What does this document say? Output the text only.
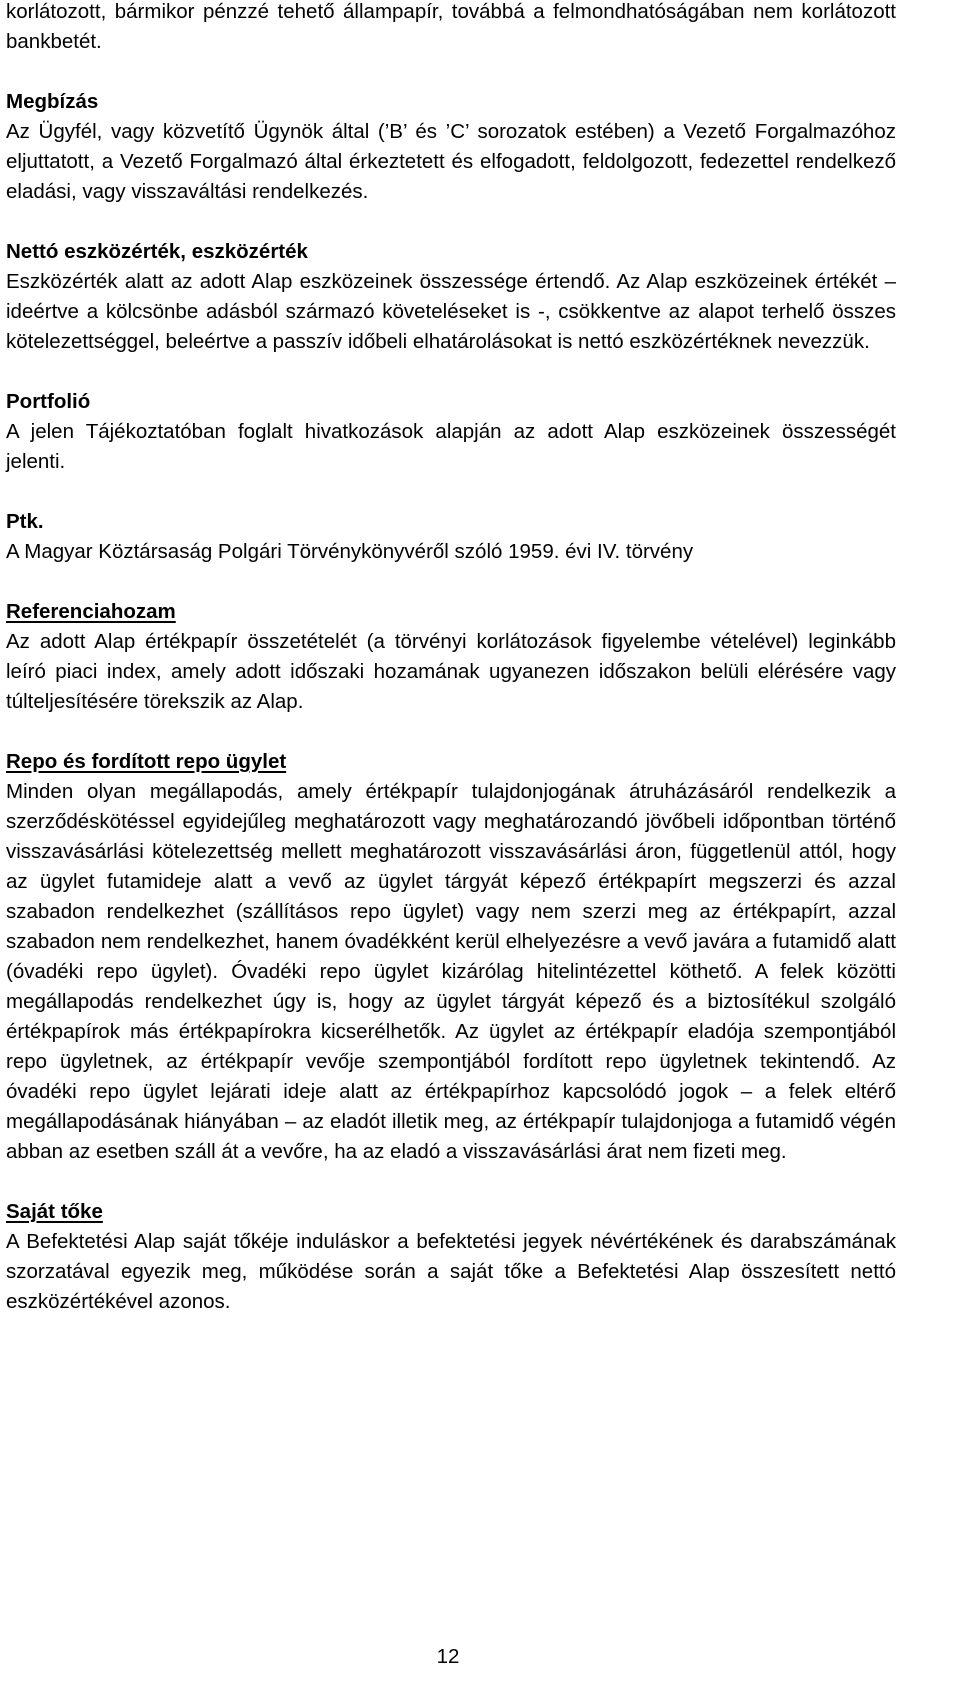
korlátozott, bármikor pénzzé tehető állampapír, továbbá a felmondhatóságában nem korlátozott bankbetét.

Megbízás

Az Ügyfél, vagy közvetítő Ügynök által (’B’ és ’C’ sorozatok estében) a Vezető Forgalmazóhoz eljuttatott, a Vezető Forgalmazó által érkeztetett és elfogadott, feldolgozott, fedezettel rendelkező eladási, vagy visszaváltási rendelkezés.

Nettó eszközérték, eszközérték

Eszközérték alatt az adott Alap eszközeinek összessége értendő. Az Alap eszközeinek értékét – ideértve a kölcsönbe adásból származó követeléseket is -, csökkentve az alapot terhelő összes kötelezettséggel, beleértve a passzív időbeli elhatárolásokat is nettó eszközértéknek nevezzük.

Portfolió

A jelen Tájékoztatóban foglalt hivatkozások alapján az adott Alap eszközeinek összességét jelenti.

Ptk.

A Magyar Köztársaság Polgári Törvénykönyvéről szóló 1959. évi IV. törvény

Referenciahozam

Az adott Alap értékpapír összetételét (a törvényi korlátozások figyelembe vételével) leginkább leíró piaci index, amely adott időszaki hozamának ugyanezen időszakon belüli elérésére vagy túlteljesítésére törekszik az Alap.

Repo és fordított repo ügylet

Minden olyan megállapodás, amely értékpapír tulajdonjogának átruházásáról rendelkezik a szerződéskötéssel egyidejűleg meghatározott vagy meghatározandó jövőbeli időpontban történő visszavásárlási kötelezettség mellett meghatározott visszavásárlási áron, függetlenül attól, hogy az ügylet futamideje alatt a vevő az ügylet tárgyát képező értékpapírt megszerzi és azzal szabadon rendelkezhet (szállításos repo ügylet) vagy nem szerzi meg az értékpapírt, azzal szabadon nem rendelkezhet, hanem óvadékként kerül elhelyezésre a vevő javára a futamidő alatt (óvadéki repo ügylet). Óvadéki repo ügylet kizárólag hitelintézettel köthető. A felek közötti megállapodás rendelkezhet úgy is, hogy az ügylet tárgyát képező és a biztosítékul szolgáló értékpapírok más értékpapírokra kicserélhetők. Az ügylet az értékpapír eladója szempontjából repo ügyletnek, az értékpapír vevője szempontjából fordított repo ügyletnek tekintendő. Az óvadéki repo ügylet lejárati ideje alatt az értékpapírhoz kapcsolódó jogok – a felek eltérő megállapodásának hiányában – az eladót illetik meg, az értékpapír tulajdonjoga a futamidő végén abban az esetben száll át a vevőre, ha az eladó a visszavásárlási árat nem fizeti meg.

Saját tőke

A Befektetési Alap saját tőkéje induláskor a befektetési jegyek névértékének és darabszámának szorzatával egyezik meg, működése során a saját tőke a Befektetési Alap összesített nettó eszközértékével azonos.

12
